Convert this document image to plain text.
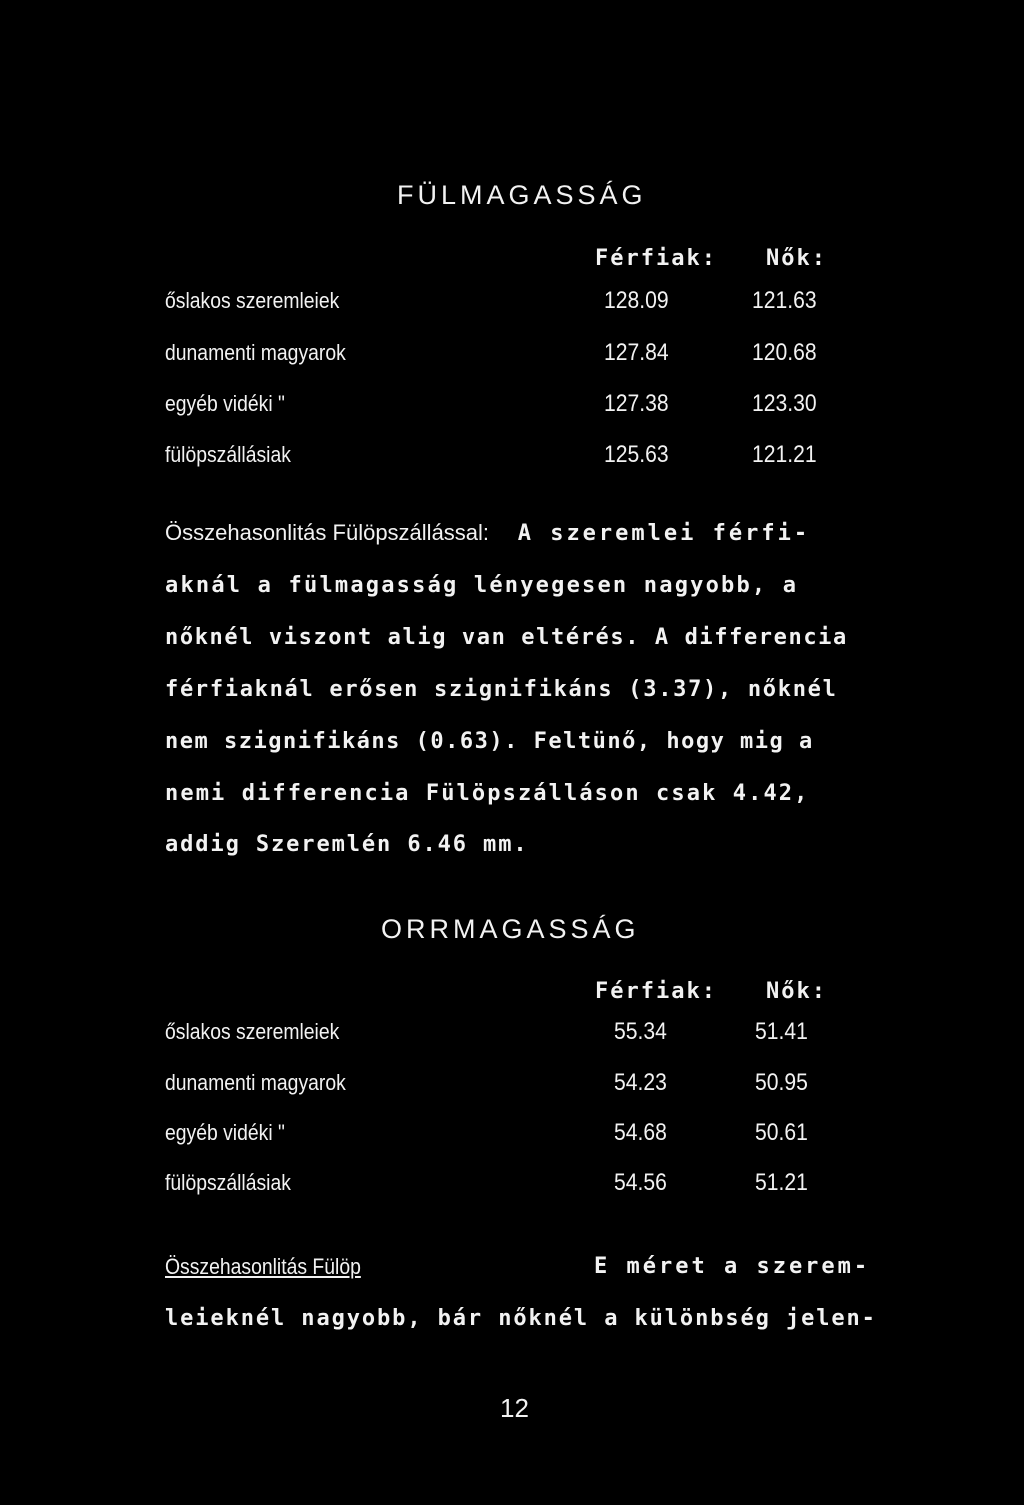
FÜLMAGASSÁG
Férfiak: Nők:
őslakos szeremleiek	128.09	121.63
dunamenti magyarok	127.84	120.68
egyéb vidéki "	127.38	123.30
fülöpszállásiak	125.63	121.21
Összehasonlitás Fülöpszállással: A szeremlei férfi-
aknál a fülmagasság lényegesen nagyobb, a
nőknél viszont alig van eltérés. A differencia
férfiaknál erősen szignifikáns (3.37), nőknél
nem szignifikáns (0.63). Feltünő, hogy mig a
nemi differencia Fülöpszálláson csak 4.42,
addig Szeremlén 6.46 mm.
ORRMAGASSÁG
Férfiak: Nők:
őslakos szeremleiek	55.34	51.41
dunamenti magyarok	54.23	50.95
egyéb vidéki "	54.68	50.61
fülöpszállásiak	54.56	51.21
Összehasonlitás Fülöp	E méret a szerem-
leieknél nagyobb, bár nőknél a különbség jelen-
12
